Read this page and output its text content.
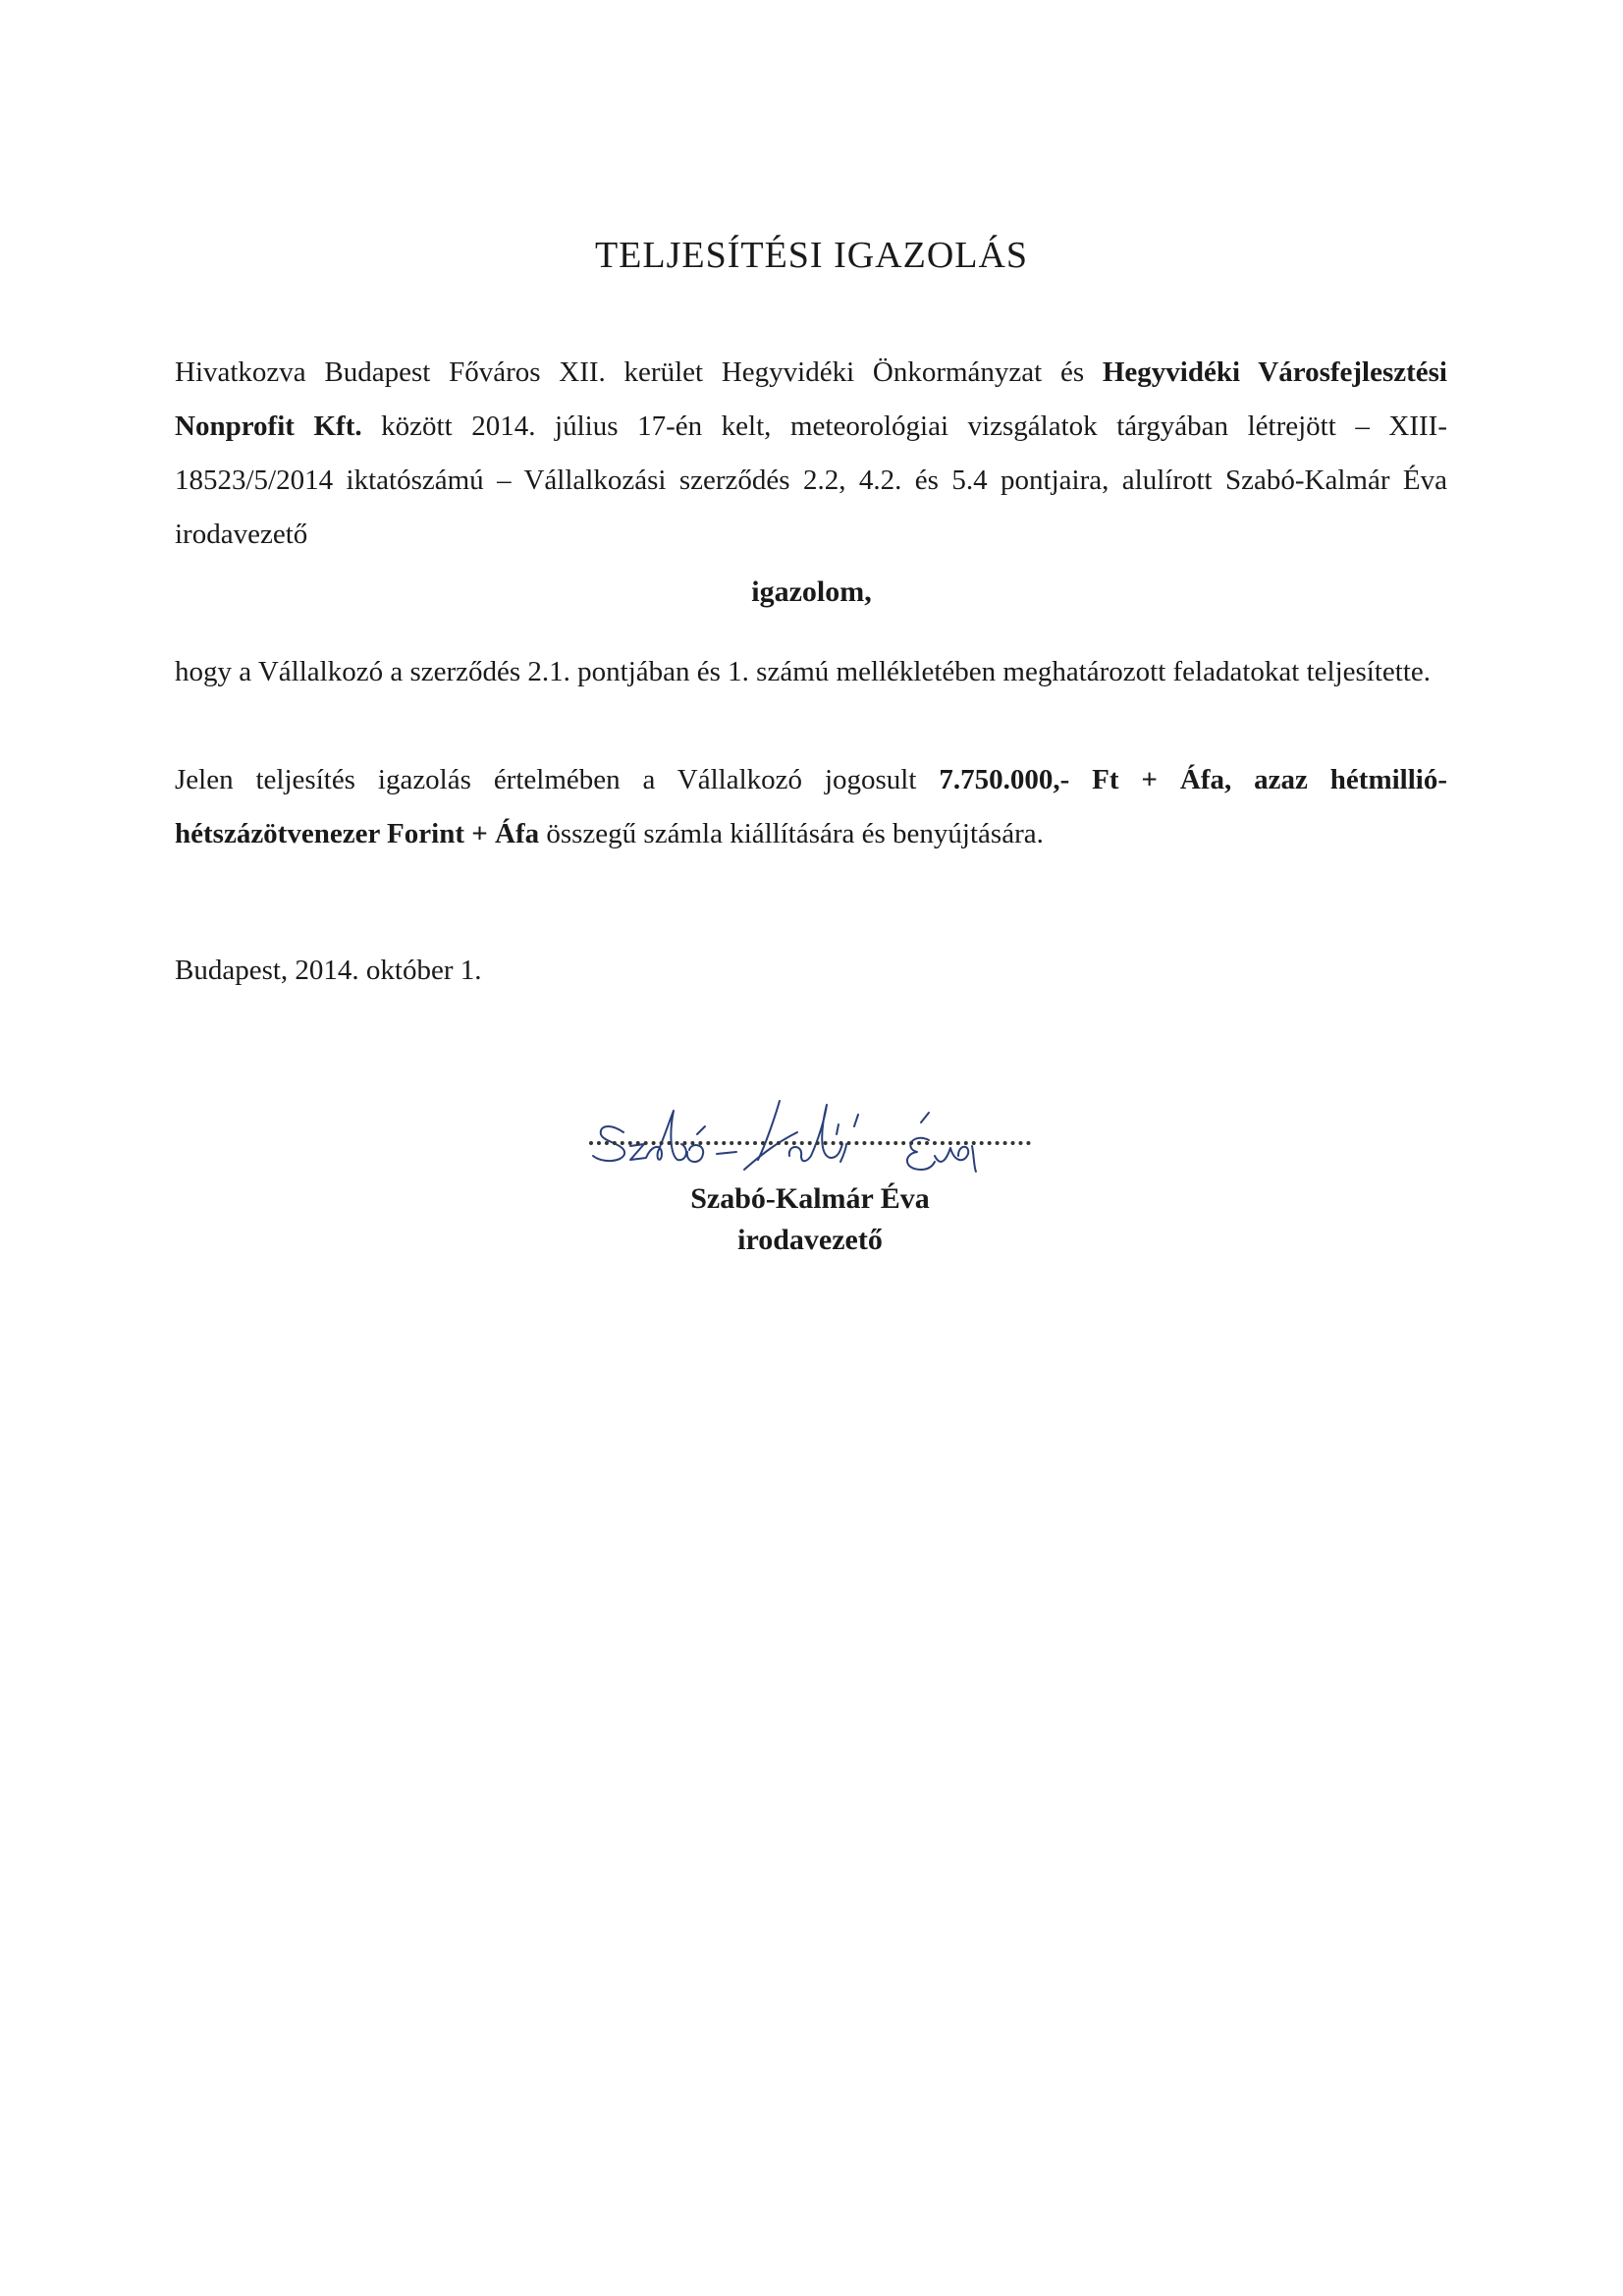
TELJESÍTÉSI IGAZOLÁS
Hivatkozva Budapest Főváros XII. kerület Hegyvidéki Önkormányzat és Hegyvidéki Városfejlesztési Nonprofit Kft. között 2014. július 17-én kelt, meteorológiai vizsgálatok tárgyában létrejött – XIII-18523/5/2014 iktatószámú – Vállalkozási szerződés 2.2, 4.2. és 5.4 pontjaira, alulírott Szabó-Kalmár Éva irodavezető
igazolom,
hogy a Vállalkozó a szerződés 2.1. pontjában és 1. számú mellékletében meghatározott feladatokat teljesítette.
Jelen teljesítés igazolás értelmében a Vállalkozó jogosult 7.750.000,- Ft + Áfa, azaz hétmillió-hétszázötvenezer Forint + Áfa összegű számla kiállítására és benyújtására.
Budapest, 2014. október 1.
Szabó-Kalmár Éva
irodavezető
